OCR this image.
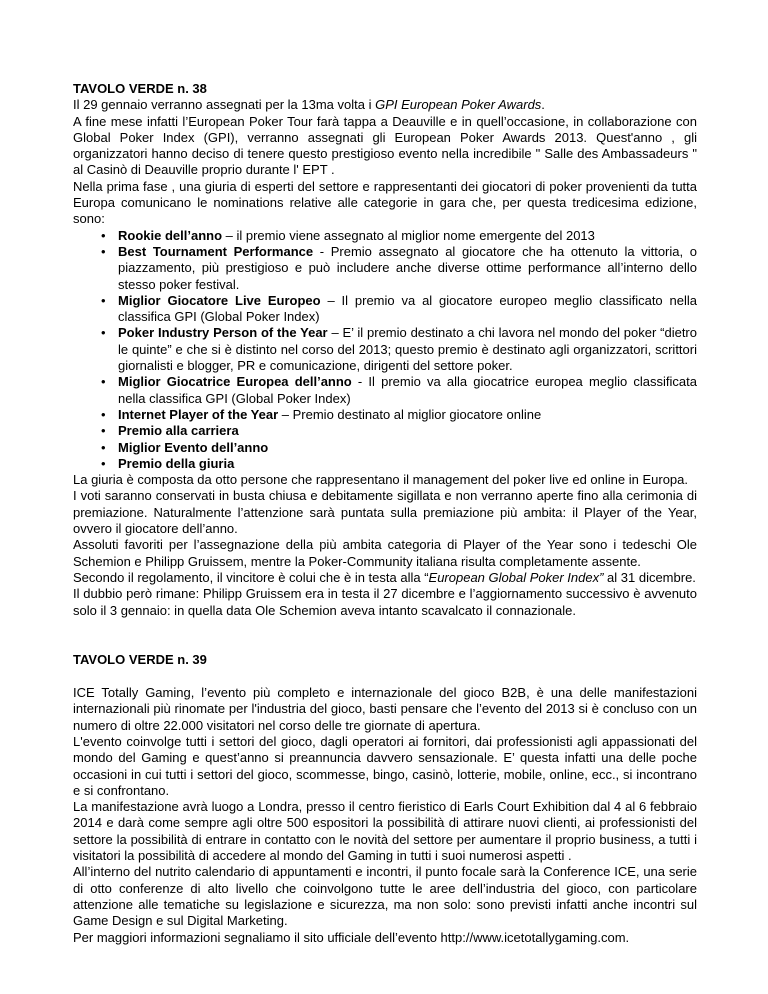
TAVOLO VERDE n. 38

Il 29 gennaio verranno assegnati per la 13ma volta i GPI European Poker Awards.

A fine mese infatti l’European Poker Tour farà tappa a Deauville e in quell’occasione, in collaborazione con Global Poker Index (GPI), verranno assegnati gli European Poker Awards 2013. Quest'anno , gli organizzatori hanno deciso di tenere questo prestigioso evento nella incredibile " Salle des Ambassadeurs " al Casinò di Deauville proprio durante l' EPT .

Nella prima fase , una giuria di esperti del settore e rappresentanti dei giocatori di poker provenienti da tutta Europa comunicano le nominations relative alle categorie in gara che, per questa tredicesima edizione, sono:

• Rookie dell’anno – il premio viene assegnato al miglior nome emergente del 2013
• Best Tournament Performance - Premio assegnato al giocatore che ha ottenuto la vittoria, o piazzamento, più prestigioso e può includere anche diverse ottime performance all’interno dello stesso poker festival.
• Miglior Giocatore Live Europeo – Il premio va al giocatore europeo meglio classificato nella classifica GPI (Global Poker Index)
• Poker Industry Person of the Year – E’ il premio destinato a chi lavora nel mondo del poker “dietro le quinte” e che si è distinto nel corso del 2013; questo premio è destinato agli organizzatori, scrittori giornalisti e blogger, PR e comunicazione, dirigenti del settore poker.
• Miglior Giocatrice Europea dell’anno - Il premio va alla giocatrice europea meglio classificata nella classifica GPI (Global Poker Index)
• Internet Player of the Year – Premio destinato al miglior giocatore online
• Premio alla carriera
• Miglior Evento dell’anno
• Premio della giuria

La giuria è composta da otto persone che rappresentano il management del poker live ed online in Europa.

I voti saranno conservati in busta chiusa e debitamente sigillata e non verranno aperte fino alla cerimonia di premiazione. Naturalmente l’attenzione sarà puntata sulla premiazione più ambita: il Player of the Year, ovvero il giocatore dell’anno.

Assoluti favoriti per l’assegnazione della più ambita categoria di Player of the Year sono i tedeschi Ole Schemion e Philipp Gruissem, mentre la Poker-Community italiana risulta completamente assente.

Secondo il regolamento, il vincitore è colui che è in testa alla “European Global Poker Index” al 31 dicembre.

Il dubbio però rimane: Philipp Gruissem era in testa il 27 dicembre e l’aggiornamento successivo è avvenuto solo il 3 gennaio: in quella data Ole Schemion aveva intanto scavalcato il connazionale.

TAVOLO VERDE n. 39

ICE Totally Gaming, l’evento più completo e internazionale del gioco B2B, è una delle manifestazioni internazionali più rinomate per l'industria del gioco, basti pensare che l’evento del 2013 si è concluso con un numero di oltre 22.000 visitatori nel corso delle tre giornate di apertura.

L'evento coinvolge tutti i settori del gioco, dagli operatori ai fornitori, dai professionisti agli appassionati del mondo del Gaming e quest’anno si preannuncia davvero sensazionale. E’ questa infatti una delle poche occasioni in cui tutti i settori del gioco, scommesse, bingo, casinò, lotterie, mobile, online, ecc., si incontrano e si confrontano.

La manifestazione avrà luogo a Londra, presso il centro fieristico di Earls Court Exhibition dal 4 al 6 febbraio 2014 e darà come sempre agli oltre 500 espositori la possibilità di attirare nuovi clienti, ai professionisti del settore la possibilità di entrare in contatto con le novità del settore per aumentare il proprio business, a tutti i visitatori la possibilità di accedere al mondo del Gaming in tutti i suoi numerosi aspetti .

All’interno del nutrito calendario di appuntamenti e incontri, il punto focale sarà la Conference ICE, una serie di otto conferenze di alto livello che coinvolgono tutte le aree dell’industria del gioco, con particolare attenzione alle tematiche su legislazione e sicurezza, ma non solo: sono previsti infatti anche incontri sul Game Design e sul Digital Marketing.

Per maggiori informazioni segnaliamo il sito ufficiale dell’evento http://www.icetotallygaming.com.
